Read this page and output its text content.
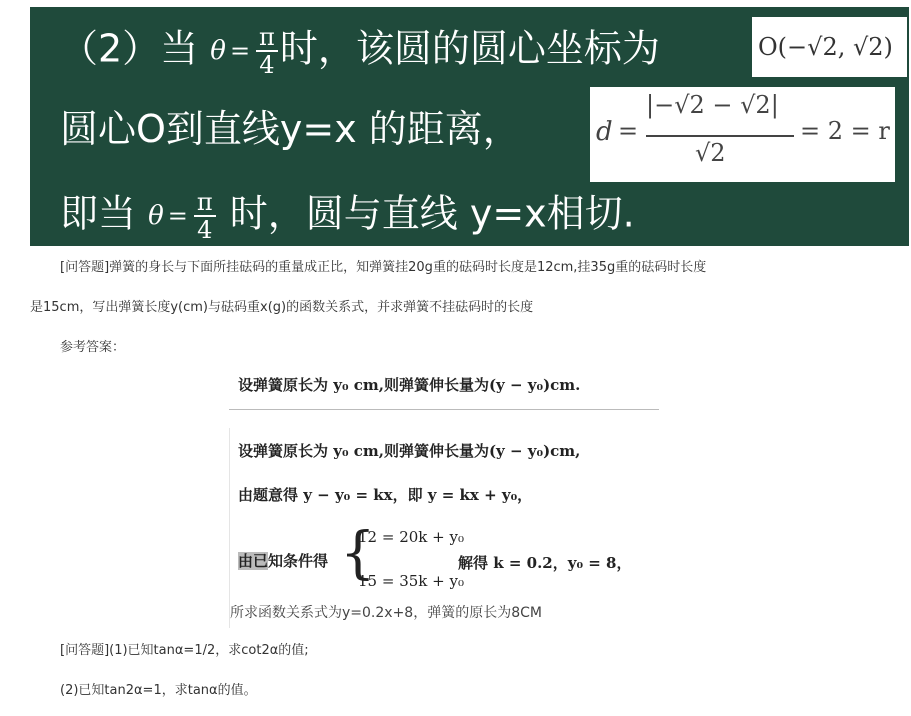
（2）当 $\theta = \frac{\pi}{4}$ 时，该圆的圆心坐标为	O(−√2, √2)
圆心O到直线y=x 的距离，	d =
|−√2 − √2|
√2
= 2 = r
即当 $\theta = \frac{\pi}{4}$ 时，圆与直线 y=x相切.
[问答题]弹簧的身长与下面所挂砝码的重量成正比，知弹簧挂20g重的砝码时长度是12cm,挂35g重的砝码时长度
是15cm，写出弹簧长度y(cm)与砝码重x(g)的函数关系式，并求弹簧不挂砝码时的长度
参考答案：
设弹簧原长为 y₀ cm,则弹簧伸长量为(y − y₀)cm.
设弹簧原长为 y₀ cm,则弹簧伸长量为(y − y₀)cm,
由题意得 y − y₀ = kx，即 y = kx + y₀，
由已知条件得 {
12 = 20k + y₀
15 = 35k + y₀
解得 k = 0.2，y₀ = 8，
所求函数关系式为y=0.2x+8，弹簧的原长为8CM
[问答题](1)已知tanα=1/2，求cot2α的值;
(2)已知tan2α=1，求tanα的值。
